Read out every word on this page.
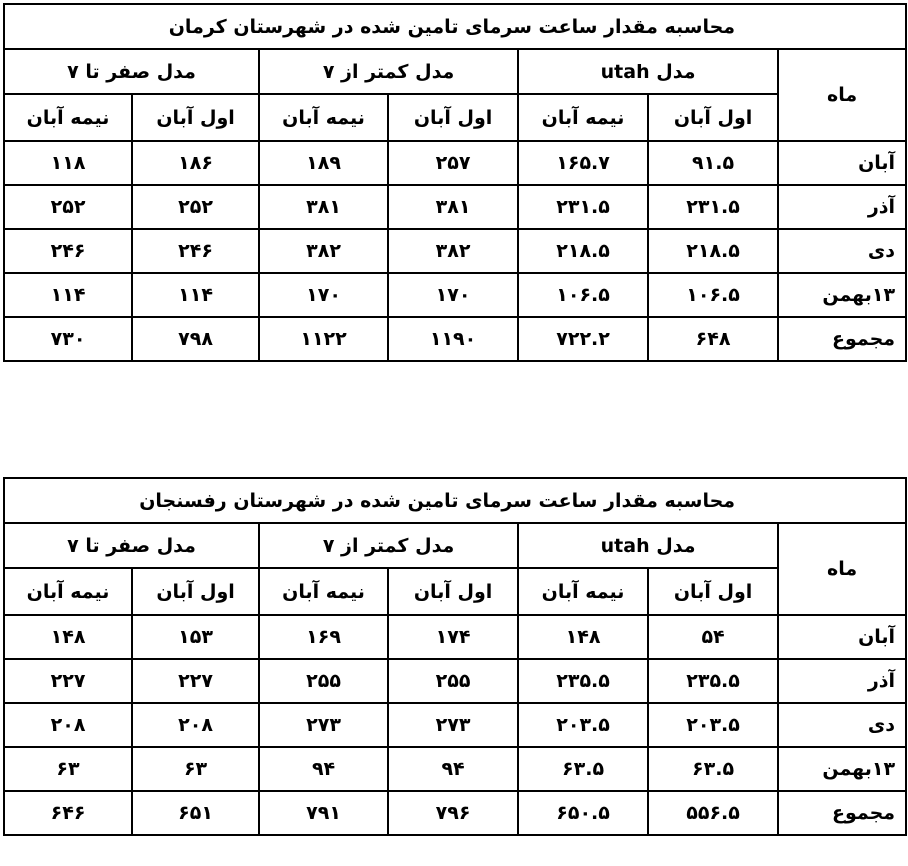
محاسبه مقدار ساعت سرمای تامین شده در شهرستان کرمان						
ماه	مدل utah		مدل کمتر از ۷		مدل صفر تا ۷	
	اول آبان	نیمه آبان	اول آبان	نیمه آبان	اول آبان	نیمه آبان
آبان	۹۱.۵	۱۶۵.۷	۲۵۷	۱۸۹	۱۸۶	۱۱۸
آذر	۲۳۱.۵	۲۳۱.۵	۳۸۱	۳۸۱	۲۵۲	۲۵۲
دی	۲۱۸.۵	۲۱۸.۵	۳۸۲	۳۸۲	۲۴۶	۲۴۶
۱۳بهمن	۱۰۶.۵	۱۰۶.۵	۱۷۰	۱۷۰	۱۱۴	۱۱۴
مجموع	۶۴۸	۷۲۲.۲	۱۱۹۰	۱۱۲۲	۷۹۸	۷۳۰
محاسبه مقدار ساعت سرمای تامین شده در شهرستان رفسنجان						
ماه	مدل utah		مدل کمتر از ۷		مدل صفر تا ۷	
	اول آبان	نیمه آبان	اول آبان	نیمه آبان	اول آبان	نیمه آبان
آبان	۵۴	۱۴۸	۱۷۴	۱۶۹	۱۵۳	۱۴۸
آذر	۲۳۵.۵	۲۳۵.۵	۲۵۵	۲۵۵	۲۲۷	۲۲۷
دی	۲۰۳.۵	۲۰۳.۵	۲۷۳	۲۷۳	۲۰۸	۲۰۸
۱۳بهمن	۶۳.۵	۶۳.۵	۹۴	۹۴	۶۳	۶۳
مجموع	۵۵۶.۵	۶۵۰.۵	۷۹۶	۷۹۱	۶۵۱	۶۴۶
